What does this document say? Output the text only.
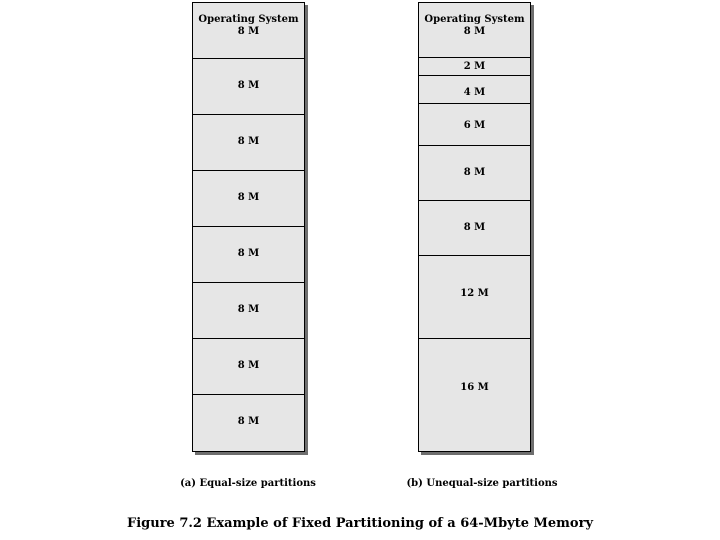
Operating System
8 M
8 M
8 M
8 M
8 M
8 M
8 M
8 M
Operating System
8 M
2 M
4 M
6 M
8 M
8 M
12 M
16 M
(a) Equal-size partitions	(b) Unequal-size partitions
Figure 7.2 Example of Fixed Partitioning of a 64-Mbyte Memory
